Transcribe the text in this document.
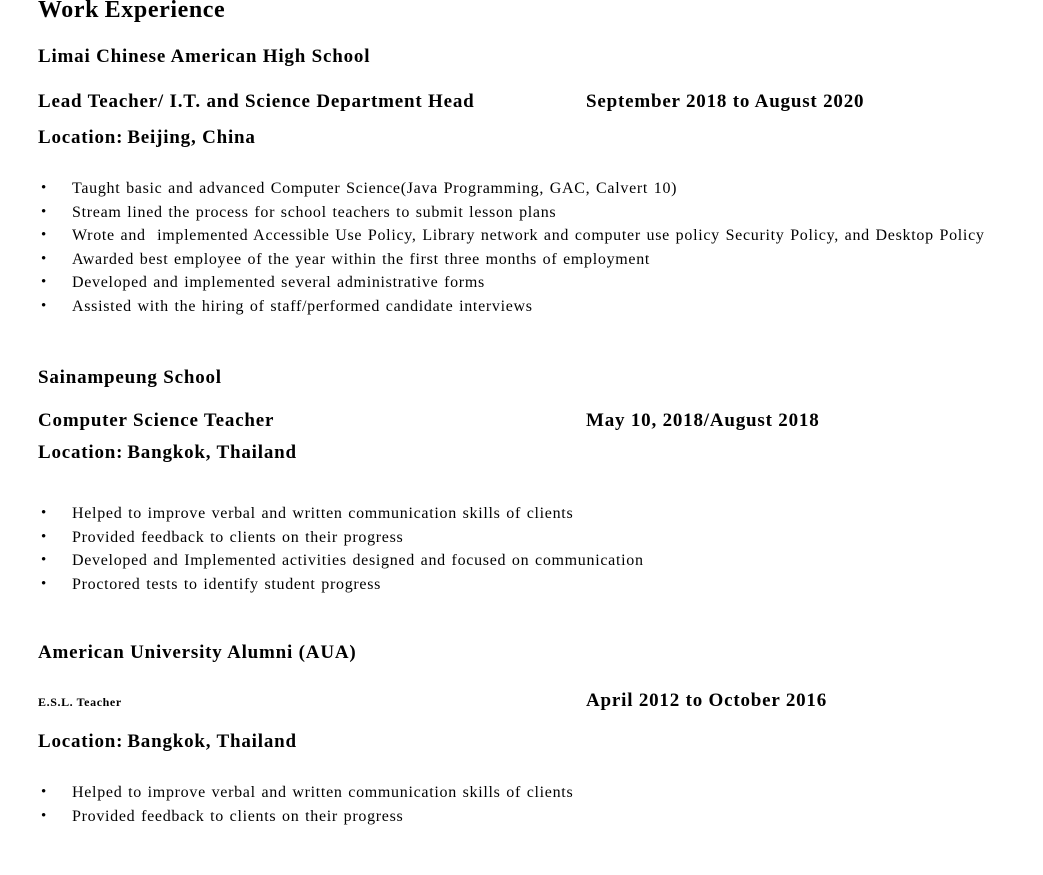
Work Experience
Limai Chinese American High School
Lead Teacher/ I.T. and Science Department Head	September 2018 to August 2020
Location: Beijing, China
• Taught basic and advanced Computer Science(Java Programming, GAC, Calvert 10)
• Stream lined the process for school teachers to submit lesson plans
• Wrote and  implemented Accessible Use Policy, Library network and computer use policy Security Policy, and Desktop Policy
• Awarded best employee of the year within the first three months of employment
• Developed and implemented several administrative forms
• Assisted with the hiring of staff/performed candidate interviews
Sainampeung School
Computer Science Teacher	May 10, 2018/August 2018
Location: Bangkok, Thailand
• Helped to improve verbal and written communication skills of clients
• Provided feedback to clients on their progress
• Developed and Implemented activities designed and focused on communication
• Proctored tests to identify student progress
American University Alumni (AUA)
E.S.L. Teacher	April 2012 to October 2016
Location: Bangkok, Thailand
• Helped to improve verbal and written communication skills of clients
• Provided feedback to clients on their progress
